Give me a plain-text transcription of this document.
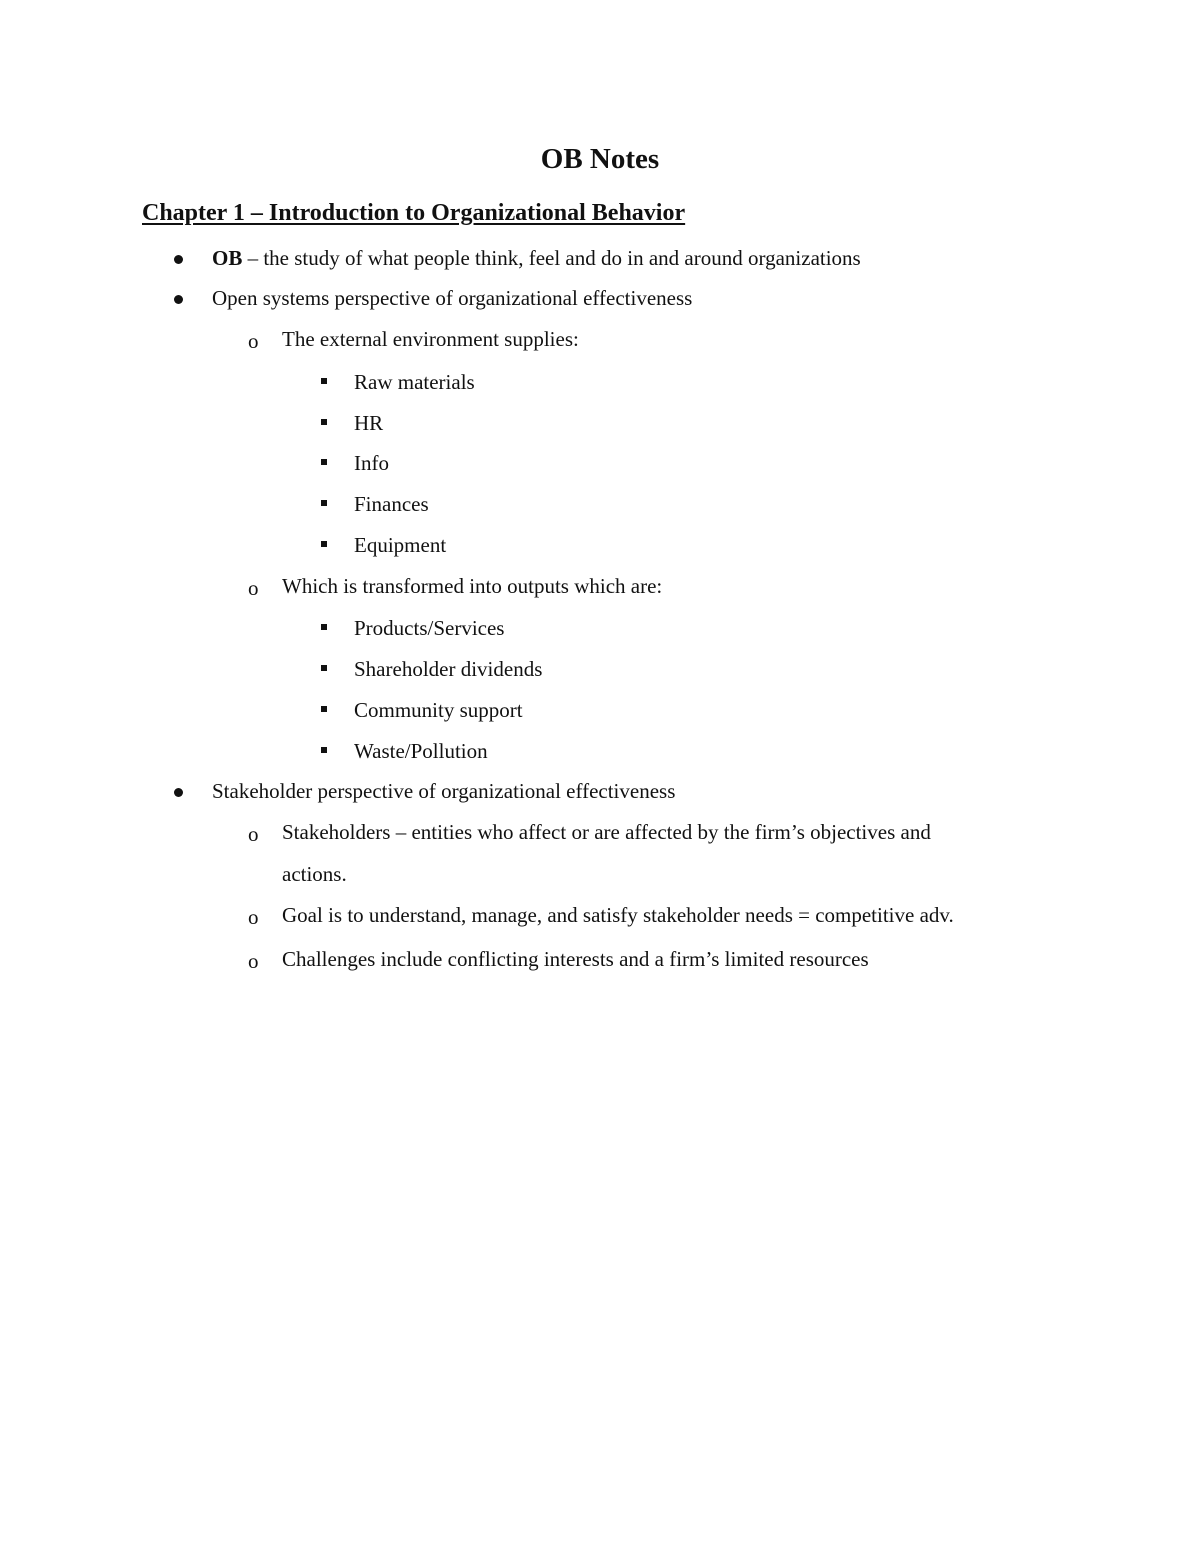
OB Notes
Chapter 1 – Introduction to Organizational Behavior
OB – the study of what people think, feel and do in and around organizations
Open systems perspective of organizational effectiveness
o The external environment supplies:
Raw materials
HR
Info
Finances
Equipment
o Which is transformed into outputs which are:
Products/Services
Shareholder dividends
Community support
Waste/Pollution
Stakeholder perspective of organizational effectiveness
o Stakeholders – entities who affect or are affected by the firm’s objectives and
actions.
o Goal is to understand, manage, and satisfy stakeholder needs = competitive adv.
o Challenges include conflicting interests and a firm’s limited resources
